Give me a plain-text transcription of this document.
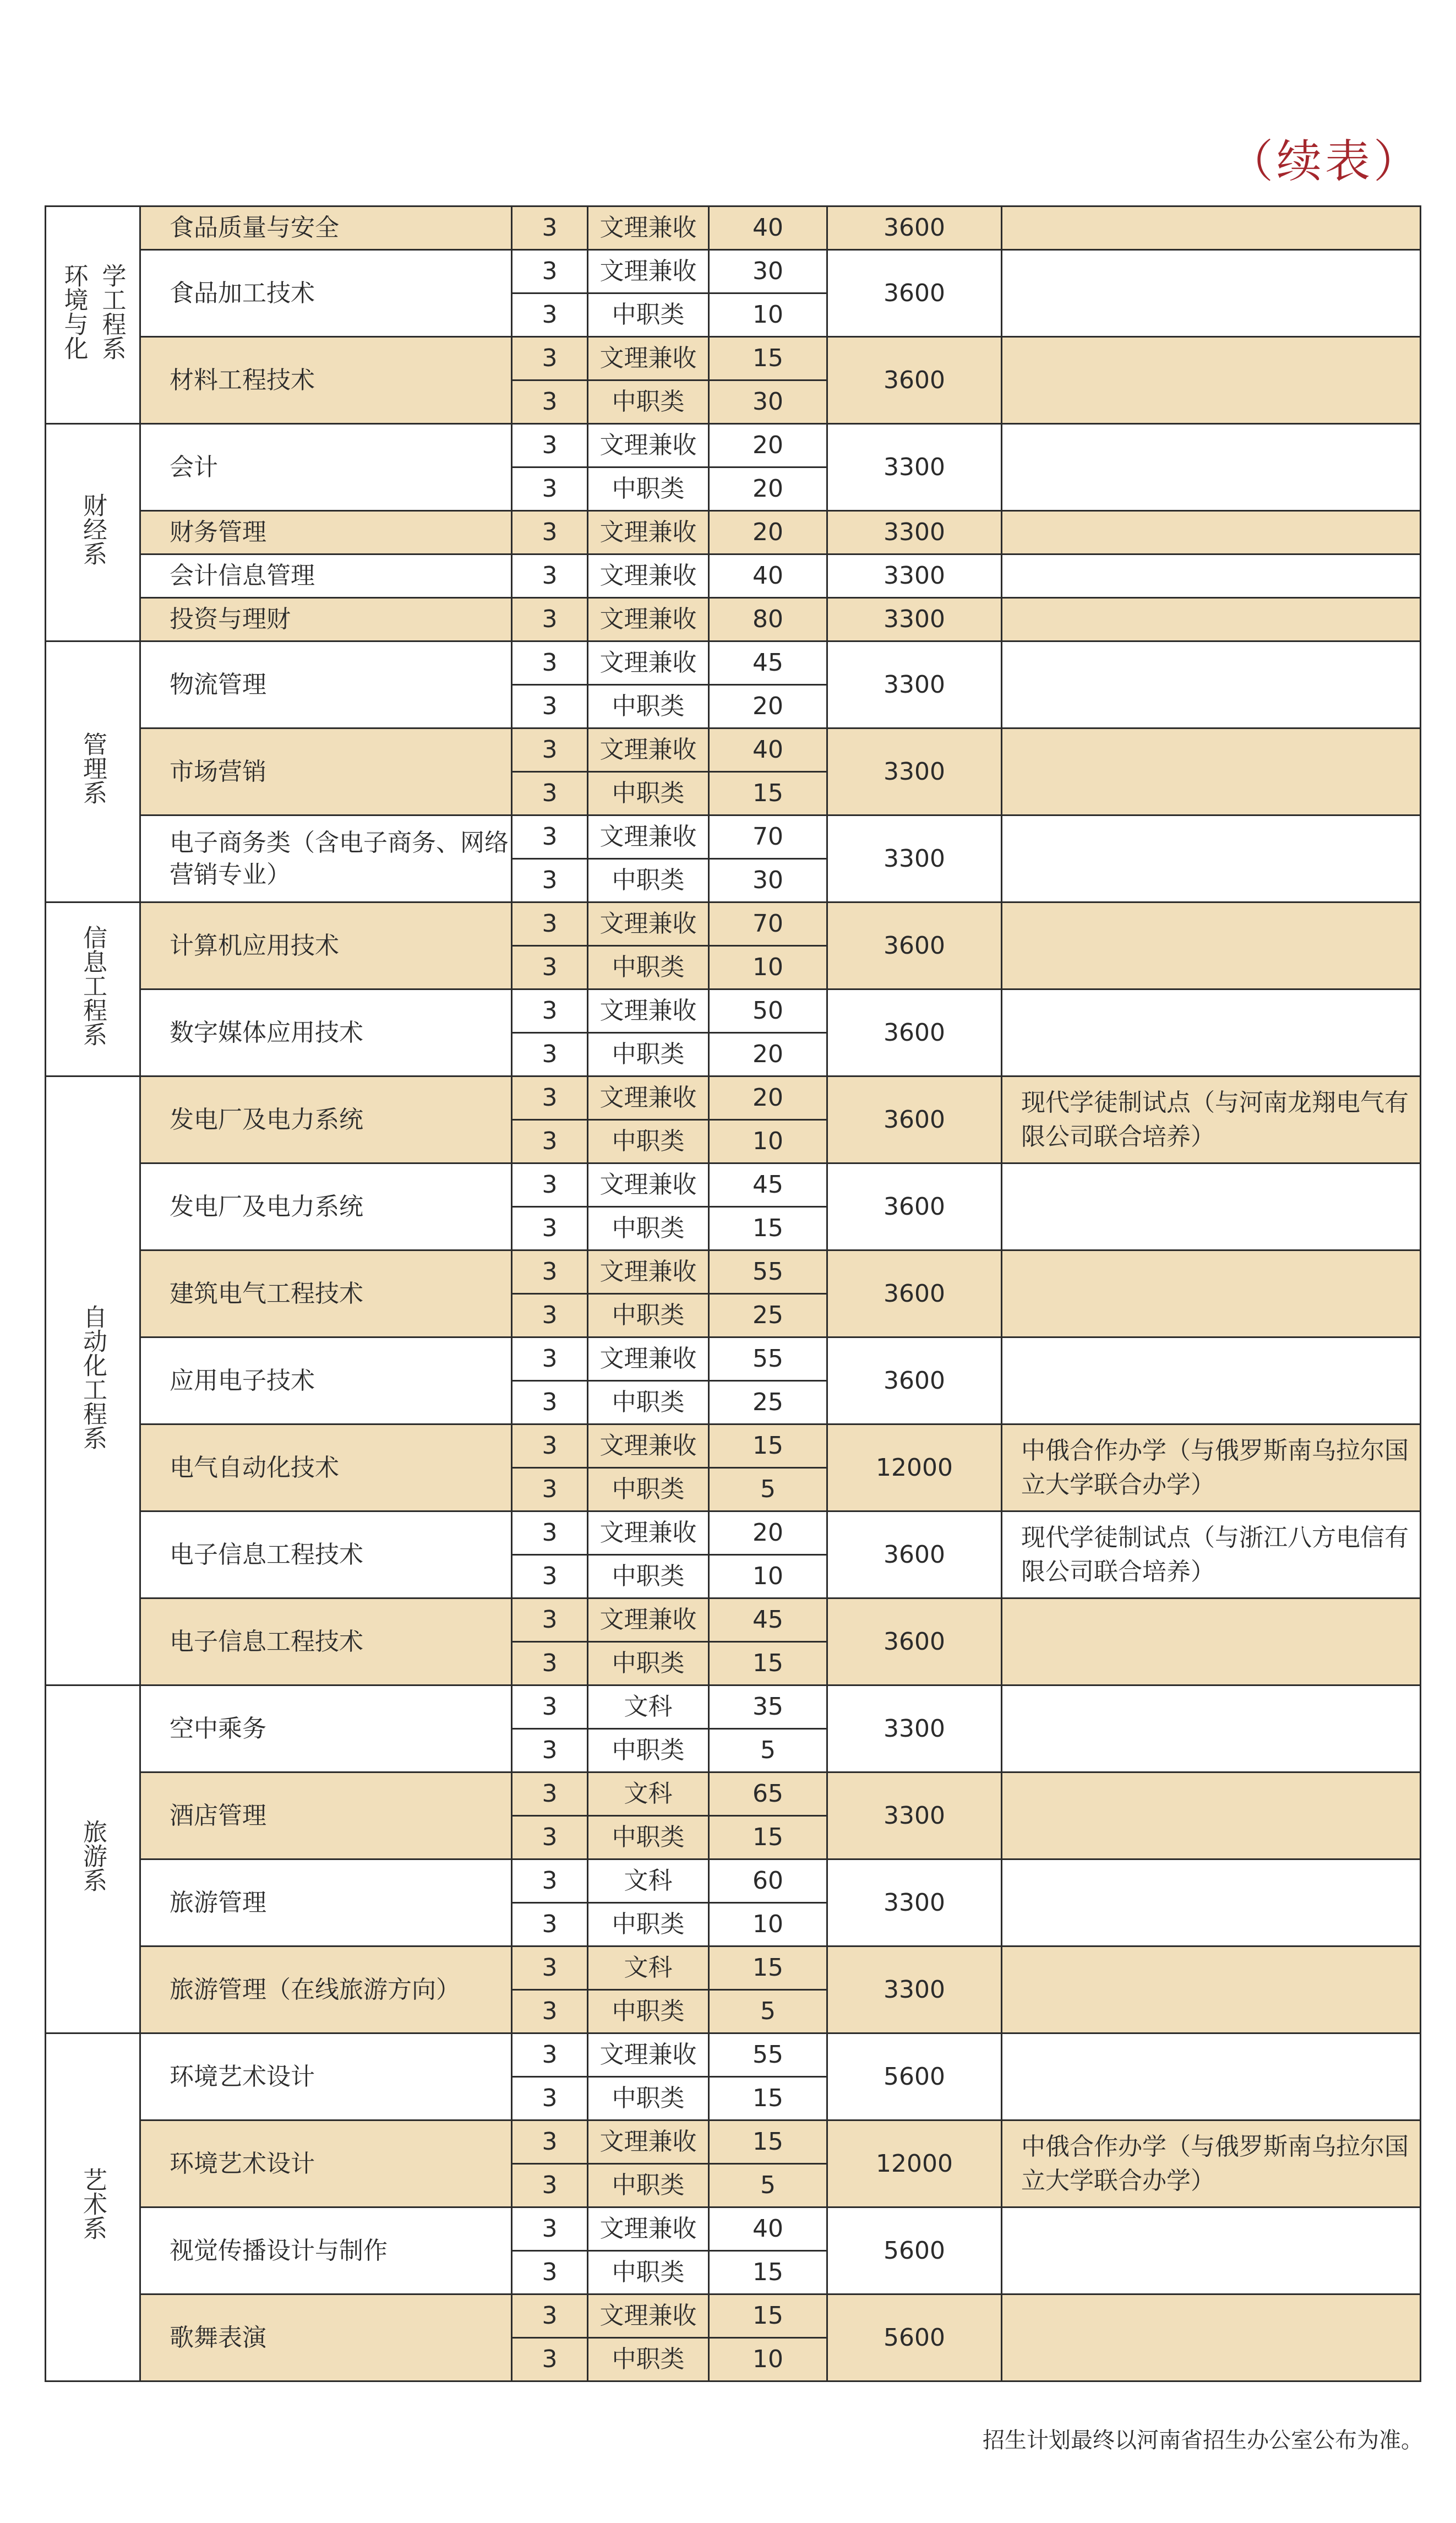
（续表）
学工程系
环境与化	食品质量与安全	3	文理兼收	40	3600	
	食品加工技术	3	文理兼收	30	3600	
		3	中职类	10		
	材料工程技术	3	文理兼收	15	3600	
		3	中职类	30		
财经系	会计	3	文理兼收	20	3300	
		3	中职类	20		
	财务管理	3	文理兼收	20	3300	
	会计信息管理	3	文理兼收	40	3300	
	投资与理财	3	文理兼收	80	3300	
管理系	物流管理	3	文理兼收	45	3300	
		3	中职类	20		
	市场营销	3	文理兼收	40	3300	
		3	中职类	15		
	电子商务类（含电子商务、网络营销专业）	3	文理兼收	70	3300	
		3	中职类	30		
信息工程系	计算机应用技术	3	文理兼收	70	3600	
		3	中职类	10		
	数字媒体应用技术	3	文理兼收	50	3600	
		3	中职类	20		
自动化工程系	发电厂及电力系统	3	文理兼收	20	3600	现代学徒制试点（与河南龙翔电气有限公司联合培养）
		3	中职类	10		
	发电厂及电力系统	3	文理兼收	45	3600	
		3	中职类	15		
	建筑电气工程技术	3	文理兼收	55	3600	
		3	中职类	25		
	应用电子技术	3	文理兼收	55	3600	
		3	中职类	25		
	电气自动化技术	3	文理兼收	15	12000	中俄合作办学（与俄罗斯南乌拉尔国立大学联合办学）
		3	中职类	5		
	电子信息工程技术	3	文理兼收	20	3600	现代学徒制试点（与浙江八方电信有限公司联合培养）
		3	中职类	10		
	电子信息工程技术	3	文理兼收	45	3600	
		3	中职类	15		
旅游系	空中乘务	3	文科	35	3300	
		3	中职类	5		
	酒店管理	3	文科	65	3300	
		3	中职类	15		
	旅游管理	3	文科	60	3300	
		3	中职类	10		
	旅游管理（在线旅游方向）	3	文科	15	3300	
		3	中职类	5		
艺术系	环境艺术设计	3	文理兼收	55	5600	
		3	中职类	15		
	环境艺术设计	3	文理兼收	15	12000	中俄合作办学（与俄罗斯南乌拉尔国立大学联合办学）
		3	中职类	5		
	视觉传播设计与制作	3	文理兼收	40	5600	
		3	中职类	15		
	歌舞表演	3	文理兼收	15	5600	
		3	中职类	10		
招生计划最终以河南省招生办公室公布为准。
